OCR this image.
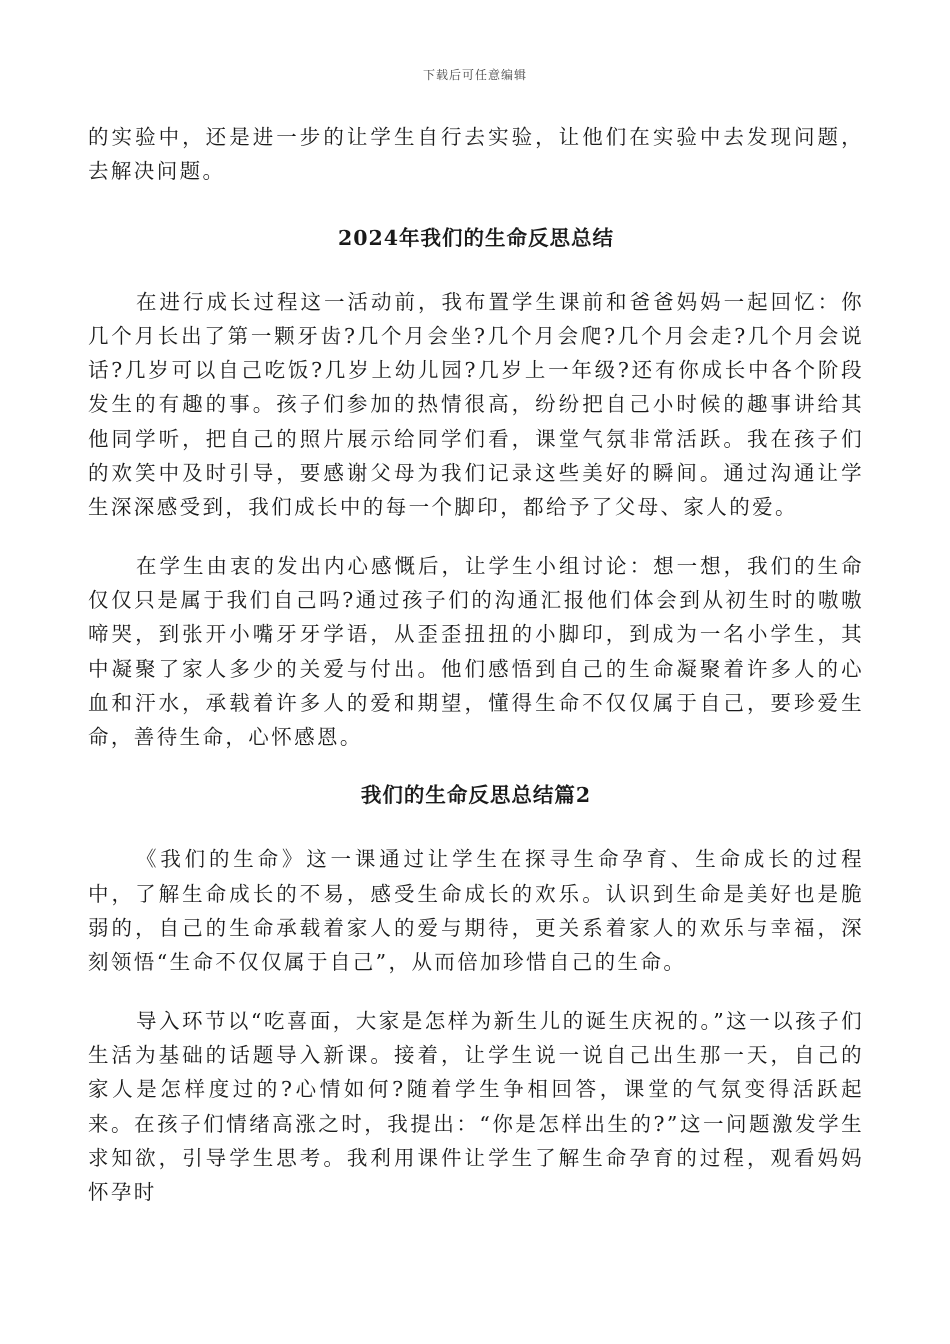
下载后可任意编辑

的实验中，还是进一步的让学生自行去实验，让他们在实验中去发现问题，去解决问题。

2024年我们的生命反思总结

在进行成长过程这一活动前，我布置学生课前和爸爸妈妈一起回忆：你几个月长出了第一颗牙齿?几个月会坐?几个月会爬?几个月会走?几个月会说话?几岁可以自己吃饭?几岁上幼儿园?几岁上一年级?还有你成长中各个阶段发生的有趣的事。孩子们参加的热情很高，纷纷把自己小时候的趣事讲给其他同学听，把自己的照片展示给同学们看，课堂气氛非常活跃。我在孩子们的欢笑中及时引导，要感谢父母为我们记录这些美好的瞬间。通过沟通让学生深深感受到，我们成长中的每一个脚印，都给予了父母、家人的爱。

在学生由衷的发出内心感慨后，让学生小组讨论：想一想，我们的生命仅仅只是属于我们自己吗?通过孩子们的沟通汇报他们体会到从初生时的嗷嗷啼哭，到张开小嘴牙牙学语，从歪歪扭扭的小脚印，到成为一名小学生，其中凝聚了家人多少的关爱与付出。他们感悟到自己的生命凝聚着许多人的心血和汗水，承载着许多人的爱和期望，懂得生命不仅仅属于自己，要珍爱生命，善待生命，心怀感恩。

我们的生命反思总结篇2

《我们的生命》这一课通过让学生在探寻生命孕育、生命成长的过程中，了解生命成长的不易，感受生命成长的欢乐。认识到生命是美好也是脆弱的，自己的生命承载着家人的爱与期待，更关系着家人的欢乐与幸福，深刻领悟“生命不仅仅属于自己”，从而倍加珍惜自己的生命。

导入环节以“吃喜面，大家是怎样为新生儿的诞生庆祝的。”这一以孩子们生活为基础的话题导入新课。接着，让学生说一说自己出生那一天，自己的家人是怎样度过的?心情如何?随着学生争相回答，课堂的气氛变得活跃起来。在孩子们情绪高涨之时，我提出：“你是怎样出生的?”这一问题激发学生求知欲，引导学生思考。我利用课件让学生了解生命孕育的过程，观看妈妈怀孕时
